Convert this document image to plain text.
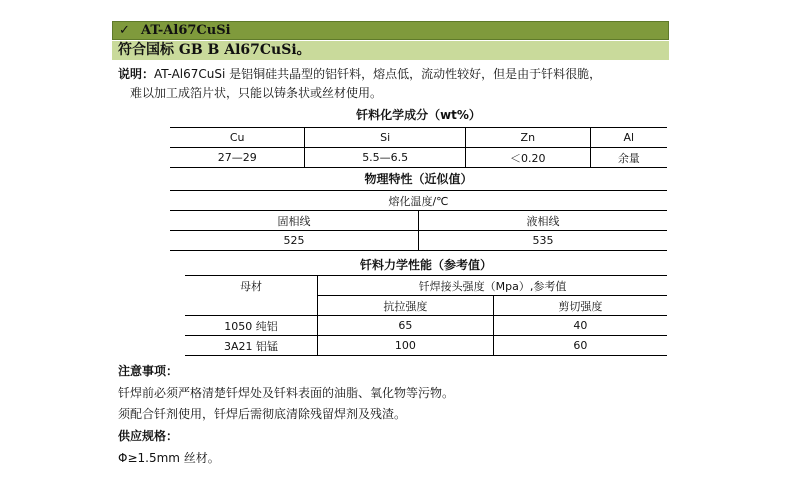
✓ AT-Al67CuSi
符合国标 GB B Al67CuSi。
说明：AT-Al67CuSi 是铝铜硅共晶型的铝钎料，熔点低，流动性较好，但是由于钎料很脆，
难以加工成箔片状，只能以铸条状或丝材使用。
钎料化学成分（wt%）
Cu	Si	Zn	Al
27—29	5.5—6.5	＜0.20	余量
物理特性（近似值）
熔化温度/℃	
固相线	液相线
525	535
钎料力学性能（参考值）
母材	钎焊接头强度（Mpa）,参考值	
	抗拉强度	剪切强度
1050 纯铝	65	40
3A21 铝锰	100	60
注意事项：
钎焊前必须严格清楚钎焊处及钎料表面的油脂、氧化物等污物。
须配合钎剂使用，钎焊后需彻底清除残留焊剂及残渣。
供应规格：
Φ≥1.5mm 丝材。
